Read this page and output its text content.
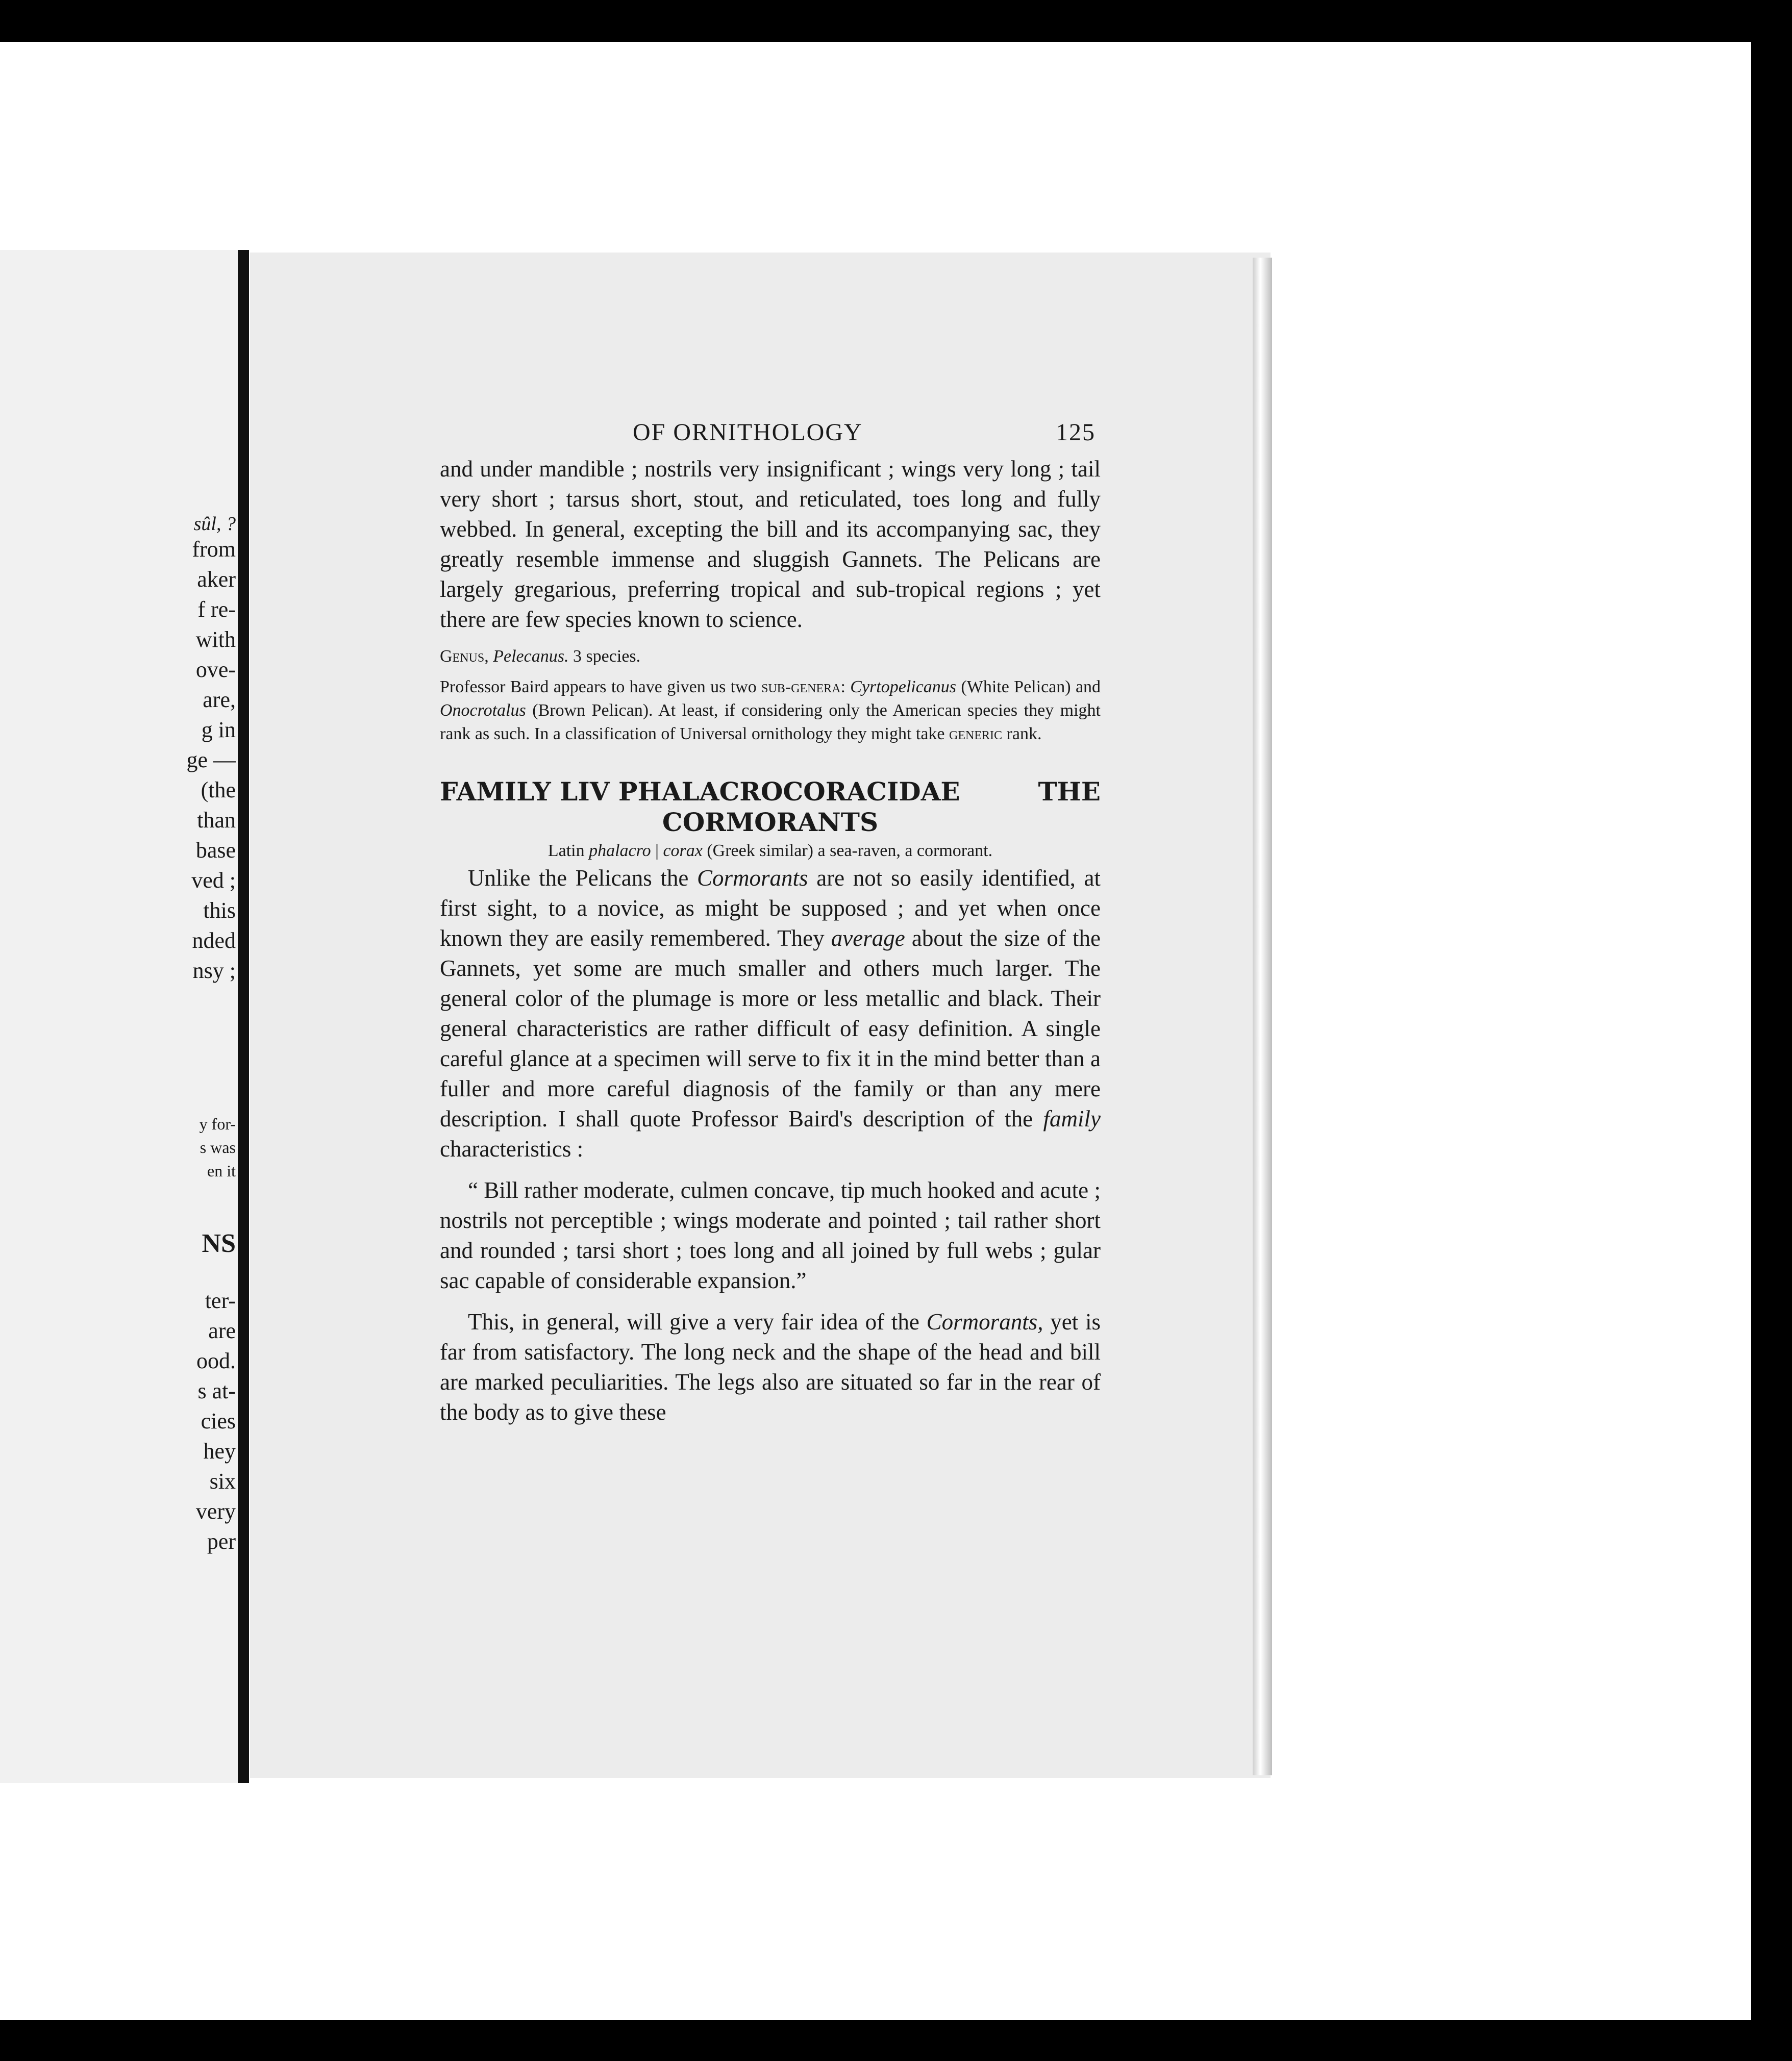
sûl, ?
from
aker
f re-
with
ove-
are,
g in
ge —
(the
than
base
ved ;
this
nded
nsy ;
y for-
s was
en it
NS
ter-
are
ood.
s at-
cies
hey
six
very
per
OF ORNITHOLOGY	125

and under mandible ; nostrils very insignificant ; wings very long ; tail very short ; tarsus short, stout, and reticulated, toes long and fully webbed. In general, excepting the bill and its accompanying sac, they greatly resemble immense and sluggish Gannets. The Pelicans are largely gregarious, preferring tropical and sub-tropical regions ; yet there are few species known to science.

Genus, Pelecanus. 3 species.

Professor Baird appears to have given us two sub-genera: Cyrtopelicanus (White Pelican) and Onocrotalus (Brown Pelican). At least, if considering only the American species they might rank as such. In a classification of Universal ornithology they might take generic rank.

FAMILY LIV PHALACROCORACIDAE	THE
CORMORANTS
Latin phalacro | corax (Greek similar) a sea-raven, a cormorant.

Unlike the Pelicans the Cormorants are not so easily identified, at first sight, to a novice, as might be supposed ; and yet when once known they are easily remembered. They average about the size of the Gannets, yet some are much smaller and others much larger. The general color of the plumage is more or less metallic and black. Their general characteristics are rather difficult of easy definition. A single careful glance at a specimen will serve to fix it in the mind better than a fuller and more careful diagnosis of the family or than any mere description. I shall quote Professor Baird's description of the family characteristics :

“ Bill rather moderate, culmen concave, tip much hooked and acute ; nostrils not perceptible ; wings moderate and pointed ; tail rather short and rounded ; tarsi short ; toes long and all joined by full webs ; gular sac capable of considerable expansion.”

This, in general, will give a very fair idea of the Cormorants, yet is far from satisfactory. The long neck and the shape of the head and bill are marked peculiarities. The legs also are situated so far in the rear of the body as to give these
